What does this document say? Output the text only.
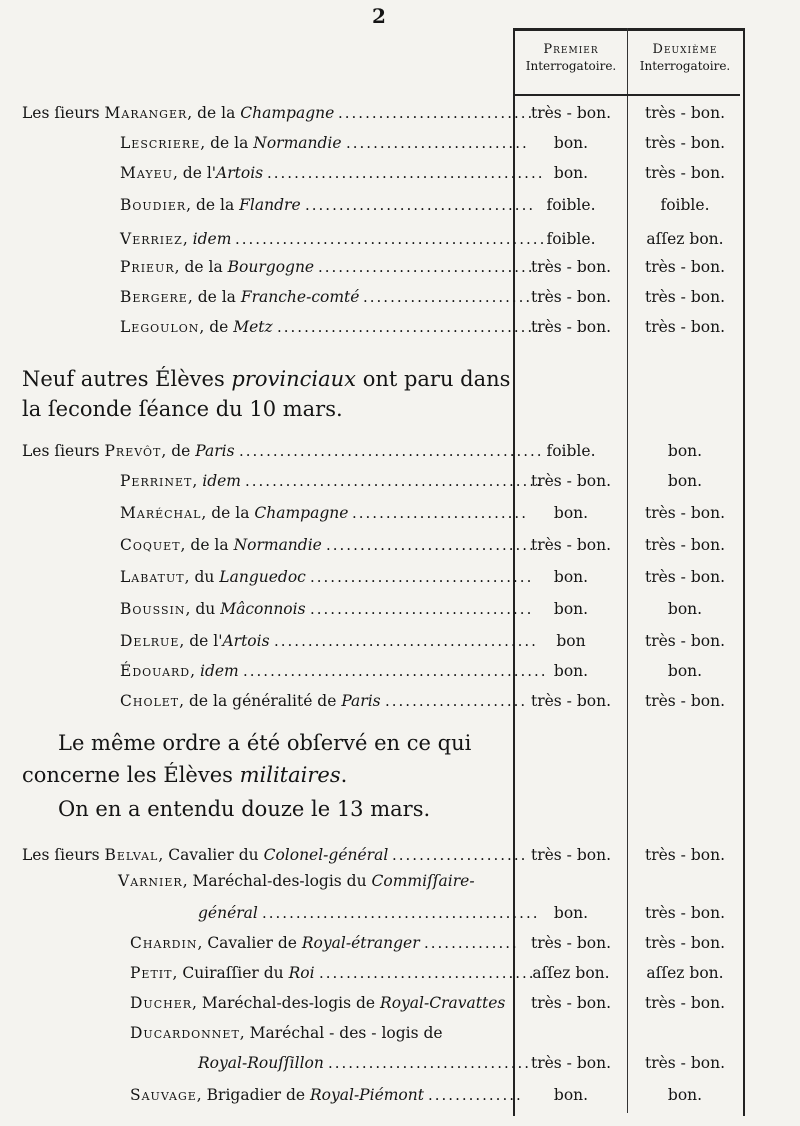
2
Premier
Interrogatoire.
Deuxième
Interrogatoire.
Les ſieurs Maranger, de la Champagne	très - bon.	très - bon.
.............................
Lescriere, de la Normandie	bon.	très - bon.
...........................
Mayeu, de l'Artois	bon.	très - bon.
.........................................
Boudier, de la Flandre	foible.	foible.
..................................
Verriez, idem	foible.	aſſez bon.
..............................................
Prieur, de la Bourgogne	très - bon.	très - bon.
................................
Bergere, de la Franche-comté	très - bon.	très - bon.
.........................
Legoulon, de Metz	très - bon.	très - bon.
.......................................
Neuf autres Élèves provinciaux ont paru dans
la ſeconde ſéance du 10 mars.
Les ſieurs Prevôt, de Paris	foible.	bon.
.............................................
Perrinet, idem	très - bon.	bon.
............................................
Maréchal, de la Champagne	bon.	très - bon.
..........................
Coquet, de la Normandie	très - bon.	très - bon.
...............................
Labatut, du Languedoc	bon.	très - bon.
.................................
Boussin, du Mâconnois	bon.	bon.
.................................
Delrue, de l'Artois	bon	très - bon.
.......................................
Édouard, idem	bon.	bon.
.............................................
Cholet, de la généralité de Paris	très - bon.	très - bon.
.....................
Le même ordre a été obſervé en ce qui
concerne les Élèves militaires.
On en a entendu douze le 13 mars.
Les ſieurs Belval, Cavalier du Colonel-général	très - bon.	très - bon.
....................
Varnier, Maréchal-des-logis du Commiſſaire-
général	bon.	très - bon.
.........................................
Chardin, Cavalier de Royal-étranger	très - bon.	très - bon.
..............
Petit, Cuiraſſier du Roi	aſſez bon.	aſſez bon.
................................
Ducher, Maréchal-des-logis de Royal-Cravattes	très - bon.	très - bon.
Ducardonnet, Maréchal - des - logis de
Royal-Rouſſillon	très - bon.	très - bon.
..............................
Sauvage, Brigadier de Royal-Piémont	bon.	bon.
..............
